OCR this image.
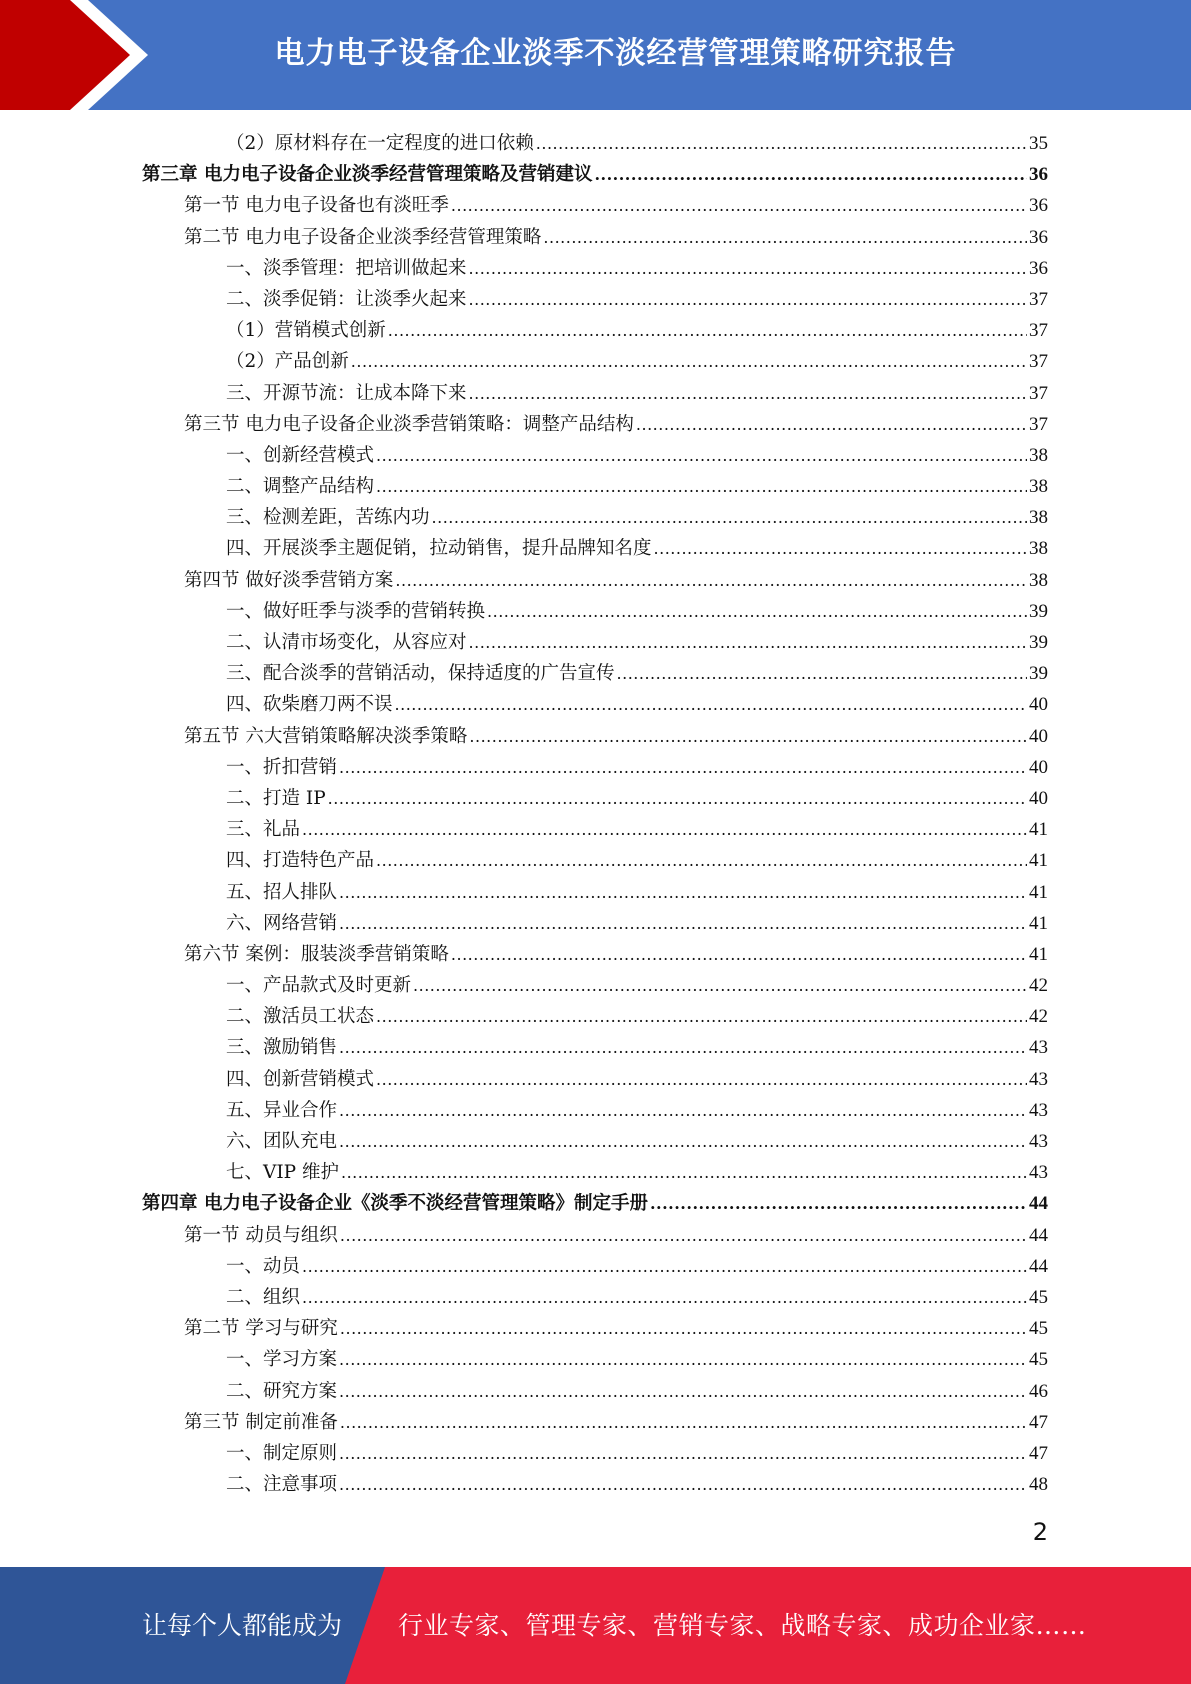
电力电子设备企业淡季不淡经营管理策略研究报告
（2）原材料存在一定程度的进口依赖 .....	35
第三章 电力电子设备企业淡季经营管理策略及营销建议 .....	36
第一节 电力电子设备也有淡旺季 .....	36
第二节 电力电子设备企业淡季经营管理策略 .....	36
一、淡季管理：把培训做起来 .....	36
二、淡季促销：让淡季火起来 .....	37
（1）营销模式创新 .....	37
（2）产品创新 .....	37
三、开源节流：让成本降下来 .....	37
第三节 电力电子设备企业淡季营销策略：调整产品结构 .....	37
一、创新经营模式 .....	38
二、调整产品结构 .....	38
三、检测差距，苦练内功 .....	38
四、开展淡季主题促销，拉动销售，提升品牌知名度 .....	38
第四节 做好淡季营销方案 .....	38
一、做好旺季与淡季的营销转换 .....	39
二、认清市场变化，从容应对 .....	39
三、配合淡季的营销活动，保持适度的广告宣传 .....	39
四、砍柴磨刀两不误 .....	40
第五节 六大营销策略解决淡季策略 .....	40
一、折扣营销 .....	40
二、打造 IP .....	40
三、礼品 .....	41
四、打造特色产品 .....	41
五、招人排队 .....	41
六、网络营销 .....	41
第六节 案例：服装淡季营销策略 .....	41
一、产品款式及时更新 .....	42
二、激活员工状态 .....	42
三、激励销售 .....	43
四、创新营销模式 .....	43
五、异业合作 .....	43
六、团队充电 .....	43
七、VIP 维护 .....	43
第四章 电力电子设备企业《淡季不淡经营管理策略》制定手册 .....	44
第一节 动员与组织 .....	44
一、动员 .....	44
二、组织 .....	45
第二节 学习与研究 .....	45
一、学习方案 .....	45
二、研究方案 .....	46
第三节 制定前准备 .....	47
一、制定原则 .....	47
二、注意事项 .....	48
2
让每个人都能成为 行业专家、管理专家、营销专家、战略专家、成功企业家……
